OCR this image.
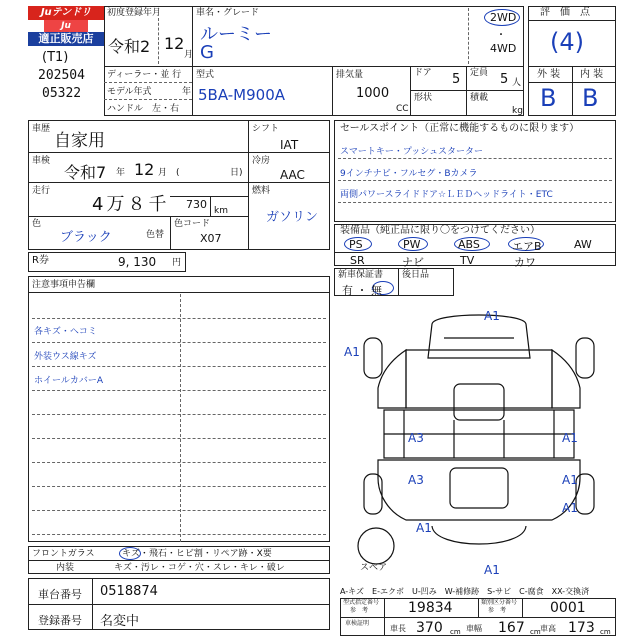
Juテンドリ
Ju
適正販売店
(T1)
202504
05322
初度登録年月
令和2 12
月
車名・グレード
ルーミー
G
2WD
・
4WD
ディーラー・並 行
モデル年式	年
ハンドル　左・右
型式
5BA-M900A
排気量
1000
CC
ドア 5 定員 5 人
形状	積載
kg
評　価　点
(4)
外 装 内 装
B B
車歴
自家用
車検
令和7 年 12 月 (	日)
走行
4万８千 730 km
色
ブラック	色替
色コード
X07
シフト
IAT
冷房
AAC
燃料
ガソリン
セールスポイント（正常に機能するものに限ります）
スマートキー・プッシュスターター
9インチナビ・フルセグ・Bカメラ
両側パワースライドドア☆ＬＥＤヘッドライト・ETC
装備品（純正品に限り〇をつけてください）
PS	PW	ABS	エアB	AW
SR	ナビ	TV	カワ
R券	9, 130 円
新車保証書 後日品
有 ・ 無
注意事項申告欄
各キズ・ヘコミ
外装ウス線キズ
ホイールカバーA
A1
A1
A3	A1
A3	A1
A1
A1
A1
スペア
A-キズ　E-エクボ　U-凹み　W-補修跡　S-サビ　C-腐食　XX-交換済
フロントガラス	キズ・飛石・ヒビ割・リペア跡・X要
内装	キズ・汚レ・コゲ・穴・スレ・キレ・破レ
車台番号 0518874
登録番号 名変中
型式指定番号
参　考	19834	類別区分番号
参　考	0001
車検証明
車長 370 cm 車幅 167 cm 車高 173 cm
